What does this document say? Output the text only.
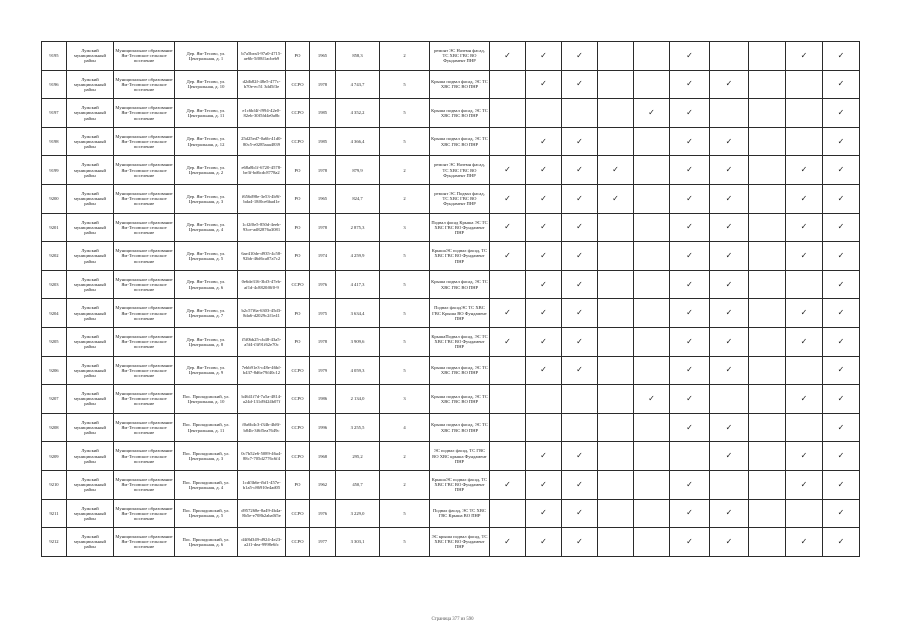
9195	Лужский муниципальный район	Муниципальное образование Ям-Тесовское сельское поселение	Дер. Ям-Тесово, ул. Центральная, д. 1	b7a5bea3-97a0-4715-ae6b-5f08f1acbeb9	РО	1965	858,3	2	ремонт ЭС Наземн фасад, ТС ХВС ГВС ВО Фундамент ПНР	✓	✓	✓			✓			✓	✓
9196	Лужский муниципальный район	Муниципальное образование Ям-Тесовское сельское поселение	Дер. Ям-Тесово, ул. Центральная, д. 10	d2db82f-48e5-477c-b70e-ec51 3dd5f3e	ССРО	1978	4 743,7	5	Крыша подвал фасад, ЭС ТС ХВС ГВС ВО ПНР		✓	✓			✓	✓			✓
9197	Лужский муниципальный район	Муниципальное образование Ям-Тесовское сельское поселение	Дер. Ям-Тесово, ул. Центральная, д. 11	e1c6bf4f-f994-42e0-82eb-30f5fd4e0a0b	ССРО	1985	4 352,2	5	Крыша подвал фасад, ЭС ТС ХВС ГВС ВО ПНР					✓	✓				✓
9198	Лужский муниципальный район	Муниципальное образование Ям-Тесовское сельское поселение	Дер. Ям-Тесово, ул. Центральная, д. 12	25d25ed7-0a6b-41d0-80c5-e0285aaa4839	ССРО	1985	4 366,4	5	Крыша подвал фасад, ЭС ТС ХВС ГВС ВО ПНР		✓	✓			✓	✓			✓
9199	Лужский муниципальный район	Муниципальное образование Ям-Тесовское сельское поселение	Дер. Ям-Тесово, ул. Центральная, д. 2	e68a8b1f-6720-4578-be3f-bd6cdc8778a2	РО	1978	879,9	2	ремонт ЭС Наземн фасад, ТС ХВС ГВС ВО Фундамент ПНР	✓	✓	✓	✓		✓	✓		✓	✓
9200	Лужский муниципальный район	Муниципальное образование Ям-Тесовское сельское поселение	Дер. Ям-Тесово, ул. Центральная, д. 3	f656d98e-3e53-4b9f-bda4-18f0ce6bad1e	РО	1965	824,7	2	ремонт ЭС Подвал фасад, ТС ХВС ГВС ВО Фундамент ПНР	✓	✓	✓	✓		✓	✓		✓	✓
9201	Лужский муниципальный район	Муниципальное образование Ям-Тесовское сельское поселение	Дер. Ям-Тесово, ул. Центральная, д. 4	1cf2f0e5-850d-4eeb-93ce-ad82876a3081	РО	1978	2 875,3	3	Подвал фасад Крыша ЭС ТС ХВС ГВС ВО Фундамент ПНР	✓	✓	✓			✓	✓		✓	✓
9202	Лужский муниципальный район	Муниципальное образование Ям-Тесовское сельское поселение	Дер. Ям-Тесово, ул. Центральная, д. 5	6ae410de-d935-4c58-92bb-46d6ca07a7c2	РО	1974	4 259,9	5	КрышаЭС подвал фасад, ТС ХВС ГВС ВО Фундамент ПНР	✓	✓	✓			✓	✓		✓	✓
9203	Лужский муниципальный район	Муниципальное образование Ям-Тесовское сельское поселение	Дер. Ям-Тесово, ул. Центральная, д. 6	0e6de316-3bf3-47eb-af1d-4c8820f0f0-9	ССРО	1976	4 417,3	5	Крыша подвал фасад, ЭС ТС ХВС ГВС ВО ПНР		✓	✓			✓	✓			✓
9204	Лужский муниципальный район	Муниципальное образование Ям-Тесовское сельское поселение	Дер. Ям-Тесово, ул. Центральная, д. 7	b2c57f6a-6303-45d3-8da6-d2029c2f1e41	РО	1975	3 634,4	5	Подвал фасадЭС ТС ХВС ГВС Крыша ВО Фундамент ПНР	✓	✓	✓			✓	✓		✓	✓
9205	Лужский муниципальный район	Муниципальное образование Ям-Тесовское сельское поселение	Дер. Ям-Тесово, ул. Центральная, д. 8	f5f0bb25-cb48-43a5-a5f4-f3f91f62e70c	РО	1978	3 909,6	5	КрышаПодвал фасад, ЭС ТС ХВС ГВС ВО Фундамент ПНР	✓	✓	✓			✓	✓		✓	✓
9206	Лужский муниципальный район	Муниципальное образование Ям-Тесовское сельское поселение	Дер. Ям-Тесово, ул. Центральная, д. 9	7ebb91e3-c48e-46bf-b437-8d6e79f40c12	ССРО	1979	4 059,3	5	Крыша подвал фасад, ЭС ТС ХВС ГВС ВО ПНР		✓	✓			✓	✓			✓
9207	Лужский муниципальный район	Муниципальное образование Ям-Тесовское сельское поселение	Пос. Приладожский, ул. Центральная, д. 10	b4641f7d-7a5a-4814-a24d-131d9424b07f	ССРО	1986	2 134,0	3	Крыша подвал фасад, ЭС ТС ХВС ГВС ВО ПНР					✓	✓			✓	✓
9208	Лужский муниципальный район	Муниципальное образование Ям-Тесовское сельское поселение	Пос. Приладожский, ул. Центральная, д. 11	f0a6b4c3-f34b-4b8f-b84b-3f6f5ea7649c	ССРО	1996	3 255,5	4	Крыша подвал фасад, ЭС ТС ХВС ГВС ВО ПНР						✓	✓			✓
9209	Лужский муниципальный район	Муниципальное образование Ям-Тесовское сельское поселение	Пос. Приладожский, ул. Центральная, д. 3	0c7b52e6-5089-46a4-88c7-705d2776c6f4	ССРО	1968	295,2	2	ЭС подвал фасад, ТС ГВС ВО ХВС крыша Фундамент ПНР		✓	✓				✓		✓	✓
9210	Лужский муниципальный район	Муниципальное образование Ям-Тесовское сельское поселение	Пос. Приладожский, ул. Центральная, д. 4	1cdf3b6e-fbf1-457e-b1a5-c86910e4ad05	РО	1962	450,7	2	КрышаЭС подвал фасад, ТС ХВС ГВС ВО Фундамент ПНР	✓	✓	✓			✓			✓	✓
9211	Лужский муниципальный район	Муниципальное образование Ям-Тесовское сельское поселение	Пос. Приладожский, ул. Центральная, д. 5	d957268e-8a49-4b4a-8b5e-e708b2aba0f5e	ССРО	1976	3 229,0	5	Подвал фасад, ЭС ТС ХВС ГВС Крыша ВО ПНР		✓	✓			✓	✓			✓
9212	Лужский муниципальный район	Муниципальное образование Ям-Тесовское сельское поселение	Пос. Приладожский, ул. Центральная, д. 6	d4f8d349-d924-4e23-a2f1-dea-9998e6fc	ССРО	1977	3 303,1	5	ЭС крыша подвал фасад, ТС ХВС ГВС ВО Фундамент ПНР	✓	✓	✓			✓	✓		✓	✓
Страница 377 из 590
